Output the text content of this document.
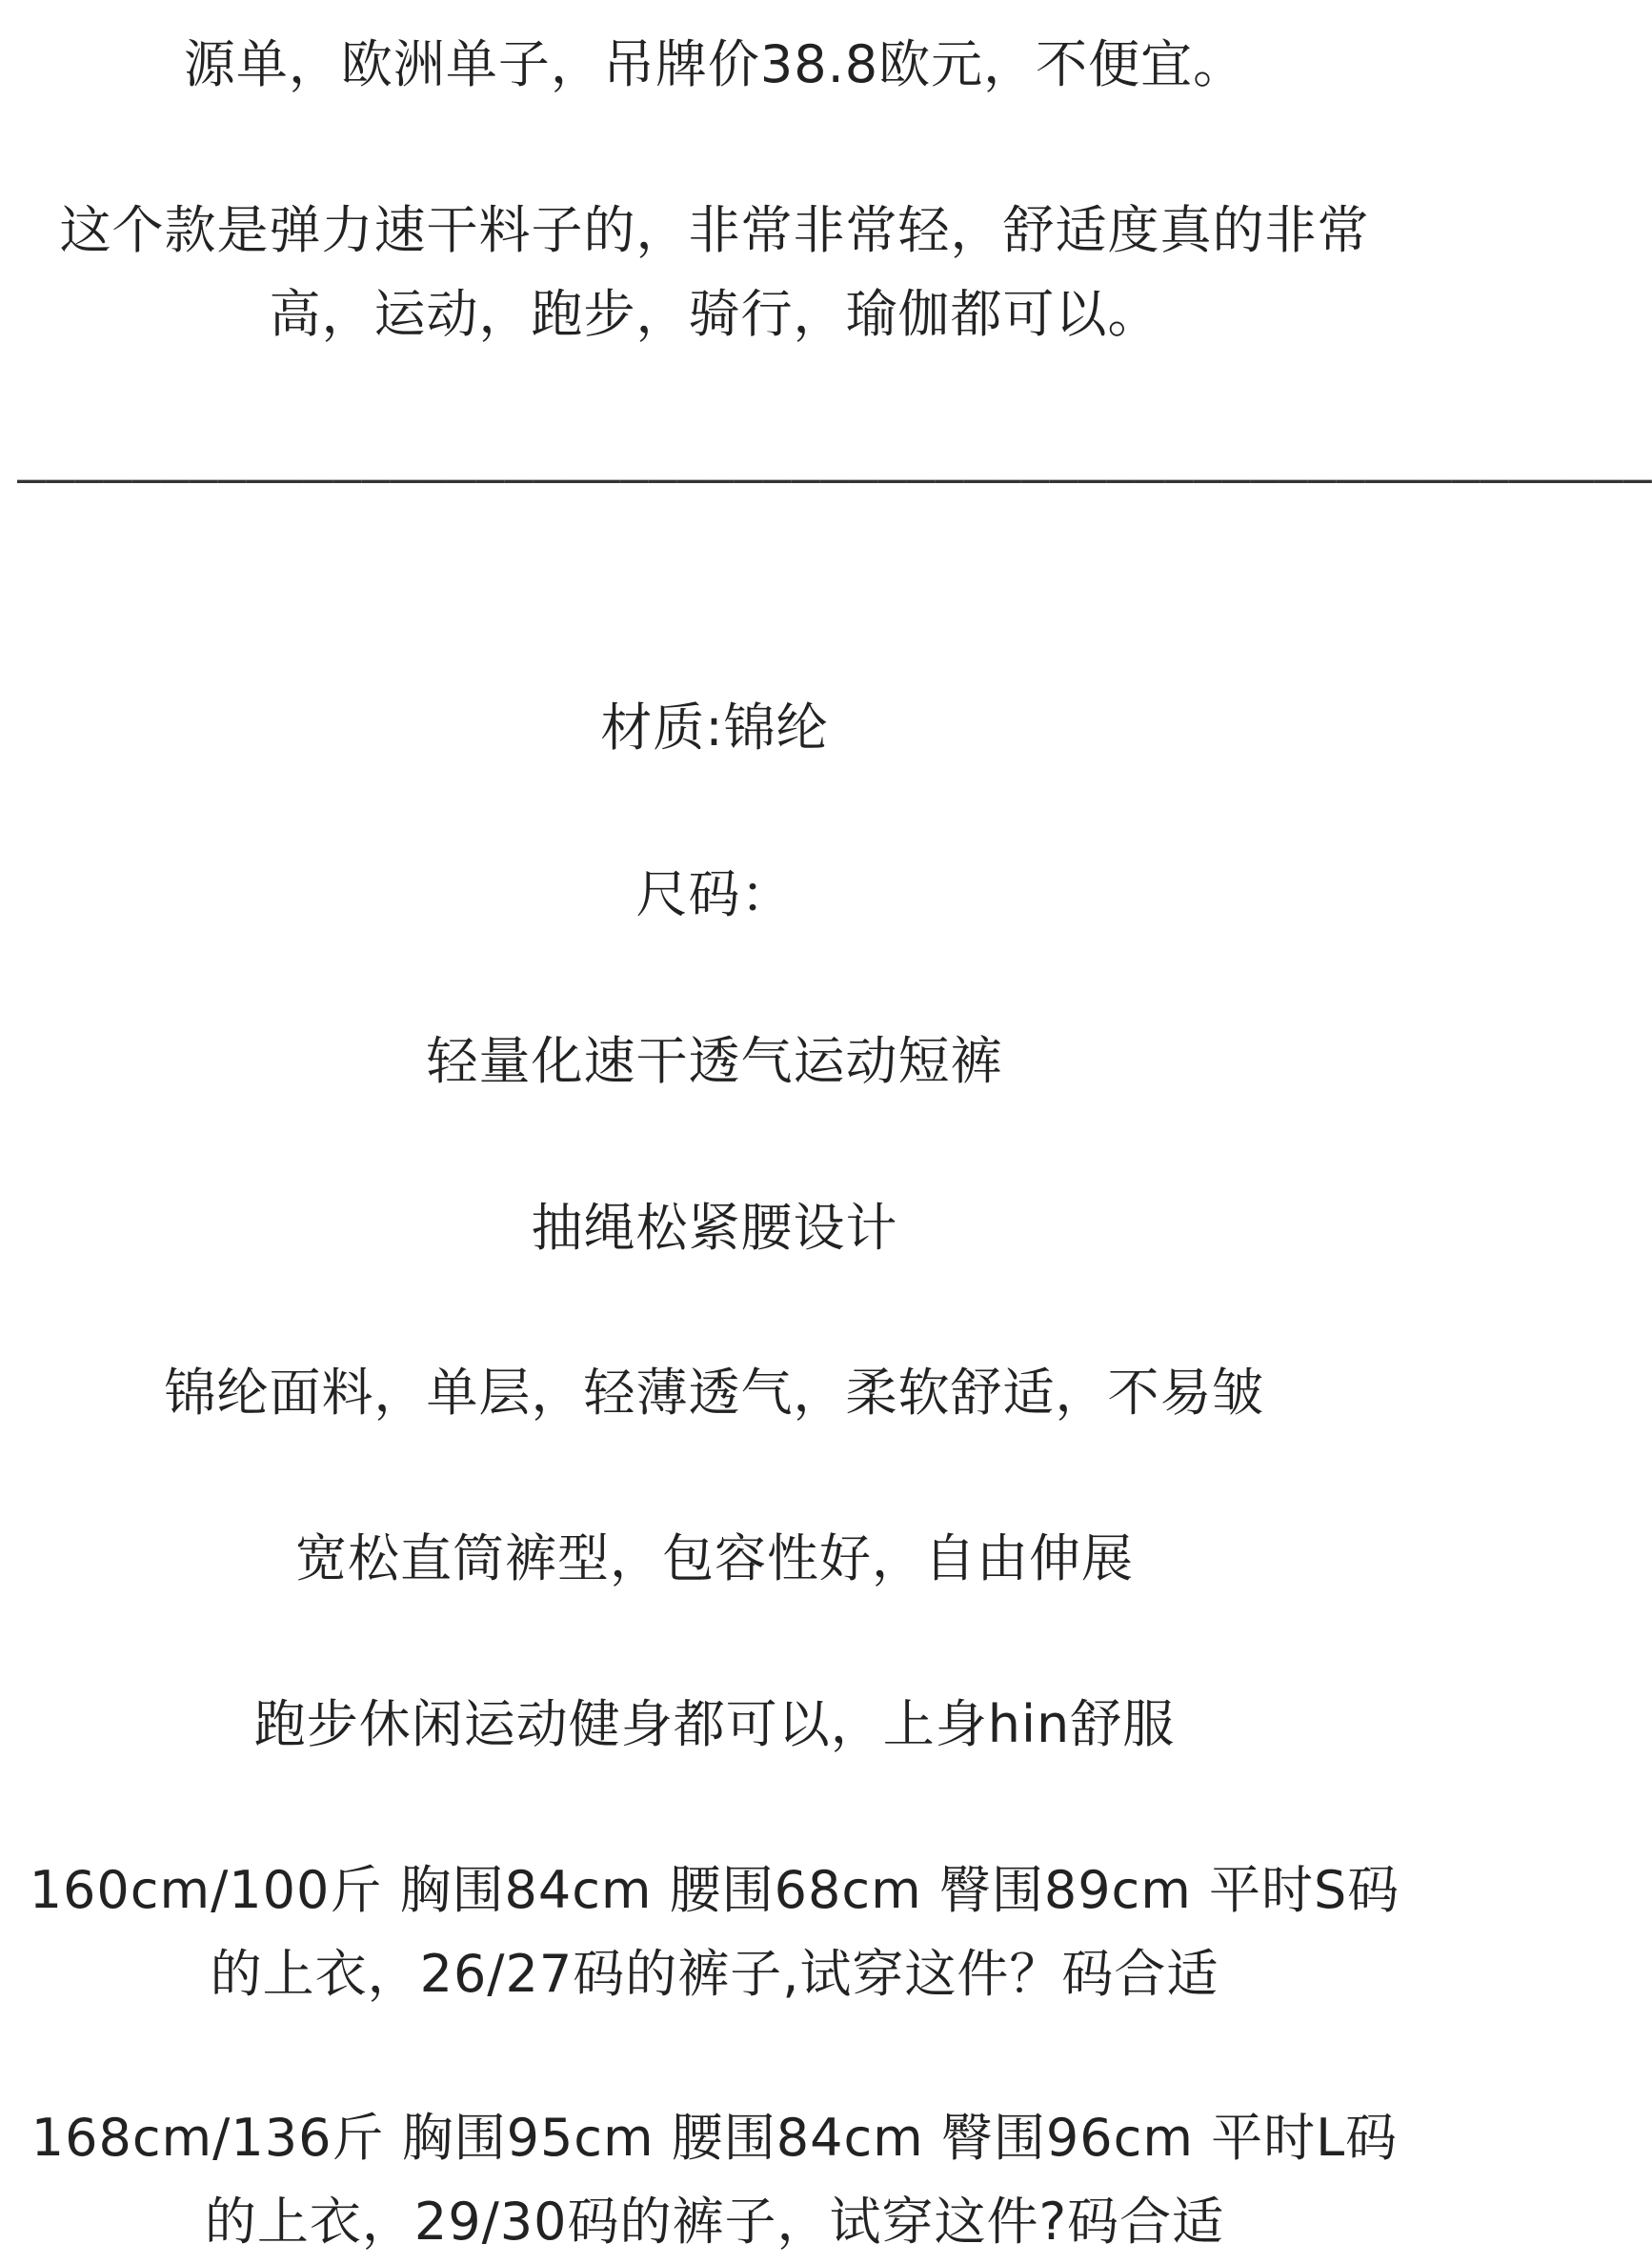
源单，欧洲单子，吊牌价38.8欧元，不便宜。

这个款是弹力速干料子的，非常非常轻，舒适度真的非常高，运动，跑步，骑行，瑜伽都可以。

—————————————————————————————————————————————————————————

材质:锦纶

尺码：

轻量化速干透气运动短裤

抽绳松紧腰设计

锦纶面料，单层，轻薄透气，柔软舒适，不易皱

宽松直筒裤型，包容性好，自由伸展

跑步休闲运动健身都可以，上身hin舒服

160cm/100斤 胸围84cm 腰围68cm 臀围89cm 平时S码的上衣，26/27码的裤子,试穿这件？码合适

168cm/136斤 胸围95cm 腰围84cm 臀围96cm 平时L码的上衣，29/30码的裤子，试穿这件?码合适
